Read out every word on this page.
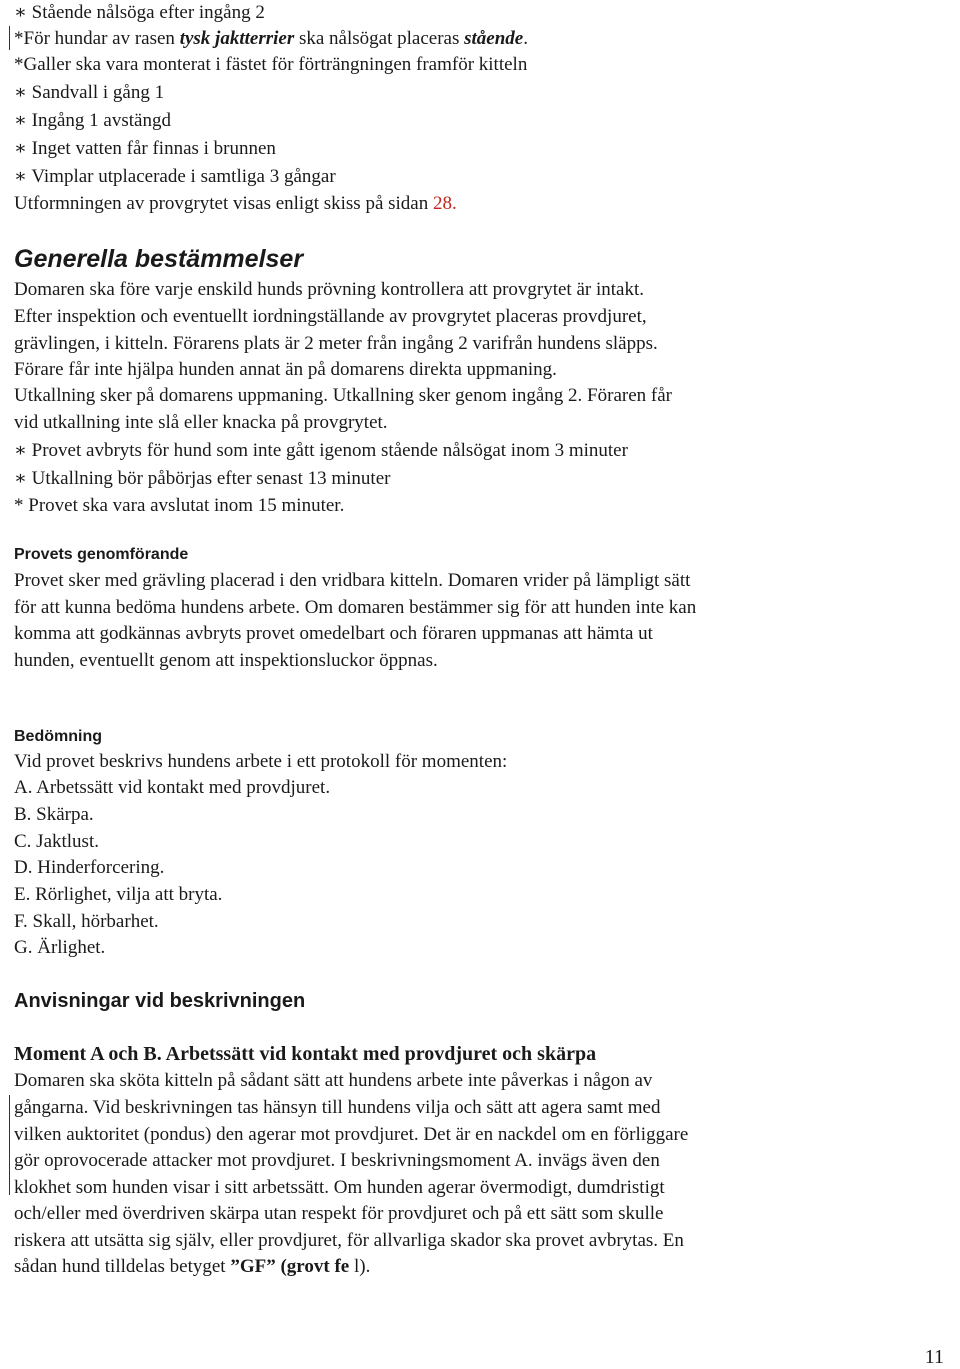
∗ Stående nålsöga efter ingång 2
*För hundar av rasen tysk jaktterrier ska nålsögat placeras stående.
*Galler ska vara monterat i fästet för förträngningen framför kitteln
∗ Sandvall i gång 1
∗ Ingång 1 avstängd
∗ Inget vatten får finnas i brunnen
∗ Vimplar utplacerade i samtliga 3 gångar
Utformningen av provgrytet visas enligt skiss på sidan 28.
Generella bestämmelser
Domaren ska före varje enskild hunds prövning kontrollera att provgrytet är intakt.
Efter inspektion och eventuellt iordningställande av provgrytet placeras provdjuret,
grävlingen, i kitteln. Förarens plats är 2 meter från ingång 2 varifrån hundens släpps.
Förare får inte hjälpa hunden annat än på domarens direkta uppmaning.
Utkallning sker på domarens uppmaning. Utkallning sker genom ingång 2. Föraren får
vid utkallning inte slå eller knacka på provgrytet.
∗ Provet avbryts för hund som inte gått igenom stående nålsögat inom 3 minuter
∗ Utkallning bör påbörjas efter senast 13 minuter
* Provet ska vara avslutat inom 15 minuter.
Provets genomförande
Provet sker med grävling placerad i den vridbara kitteln. Domaren vrider på lämpligt sätt
för att kunna bedöma hundens arbete. Om domaren bestämmer sig för att hunden inte kan
komma att godkännas avbryts provet omedelbart och föraren uppmanas att hämta ut
hunden, eventuellt genom att inspektionsluckor öppnas.
Bedömning
Vid provet beskrivs hundens arbete i ett protokoll för momenten:
A. Arbetssätt vid kontakt med provdjuret.
B. Skärpa.
C. Jaktlust.
D. Hinderforcering.
E. Rörlighet, vilja att bryta.
F. Skall, hörbarhet.
G. Ärlighet.
Anvisningar vid beskrivningen
Moment A och B. Arbetssätt vid kontakt med provdjuret och skärpa
Domaren ska sköta kitteln på sådant sätt att hundens arbete inte påverkas i någon av
gångarna. Vid beskrivningen tas hänsyn till hundens vilja och sätt att agera samt med
vilken auktoritet (pondus) den agerar mot provdjuret. Det är en nackdel om en förliggare
gör oprovocerade attacker mot provdjuret. I beskrivningsmoment A. invägs även den
klokhet som hunden visar i sitt arbetssätt. Om hunden agerar övermodigt, dumdristigt
och/eller med överdriven skärpa utan respekt för provdjuret och på ett sätt som skulle
riskera att utsätta sig själv, eller provdjuret, för allvarliga skador ska provet avbrytas. En
sådan hund tilldelas betyget ”GF” (grovt fe l).
11
